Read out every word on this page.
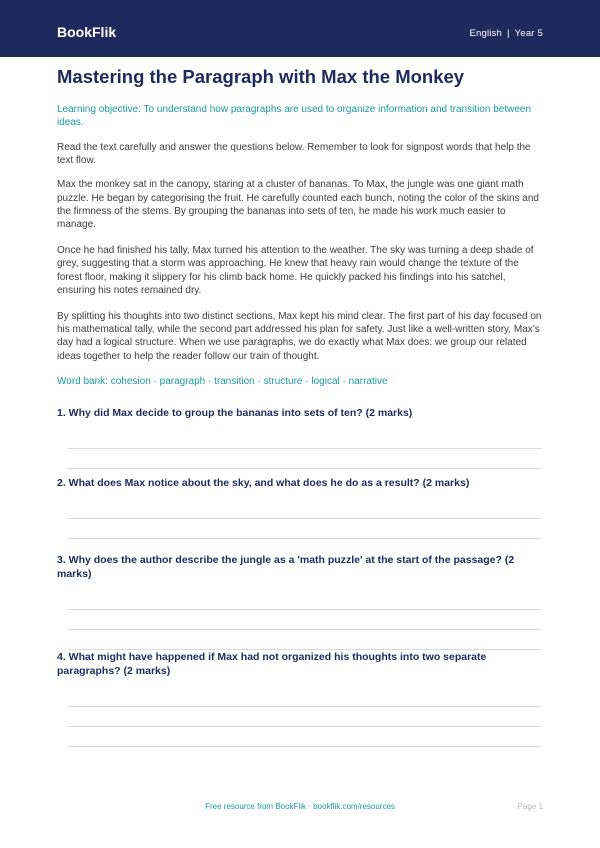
BookFlik	English | Year 5
Mastering the Paragraph with Max the Monkey
Learning objective: To understand how paragraphs are used to organize information and transition between ideas.
Read the text carefully and answer the questions below. Remember to look for signpost words that help the text flow.
Max the monkey sat in the canopy, staring at a cluster of bananas. To Max, the jungle was one giant math puzzle. He began by categorising the fruit. He carefully counted each bunch, noting the color of the skins and the firmness of the stems. By grouping the bananas into sets of ten, he made his work much easier to manage.
Once he had finished his tally, Max turned his attention to the weather. The sky was turning a deep shade of grey, suggesting that a storm was approaching. He knew that heavy rain would change the texture of the forest floor, making it slippery for his climb back home. He quickly packed his findings into his satchel, ensuring his notes remained dry.
By splitting his thoughts into two distinct sections, Max kept his mind clear. The first part of his day focused on his mathematical tally, while the second part addressed his plan for safety. Just like a well-written story, Max’s day had a logical structure. When we use paragraphs, we do exactly what Max does: we group our related ideas together to help the reader follow our train of thought.
Word bank: cohesion · paragraph · transition · structure · logical · narrative
1. Why did Max decide to group the bananas into sets of ten? (2 marks)
2. What does Max notice about the sky, and what does he do as a result? (2 marks)
3. Why does the author describe the jungle as a 'math puzzle' at the start of the passage? (2 marks)
4. What might have happened if Max had not organized his thoughts into two separate paragraphs? (2 marks)
Free resource from BookFlik · bookflik.com/resources	Page 1
